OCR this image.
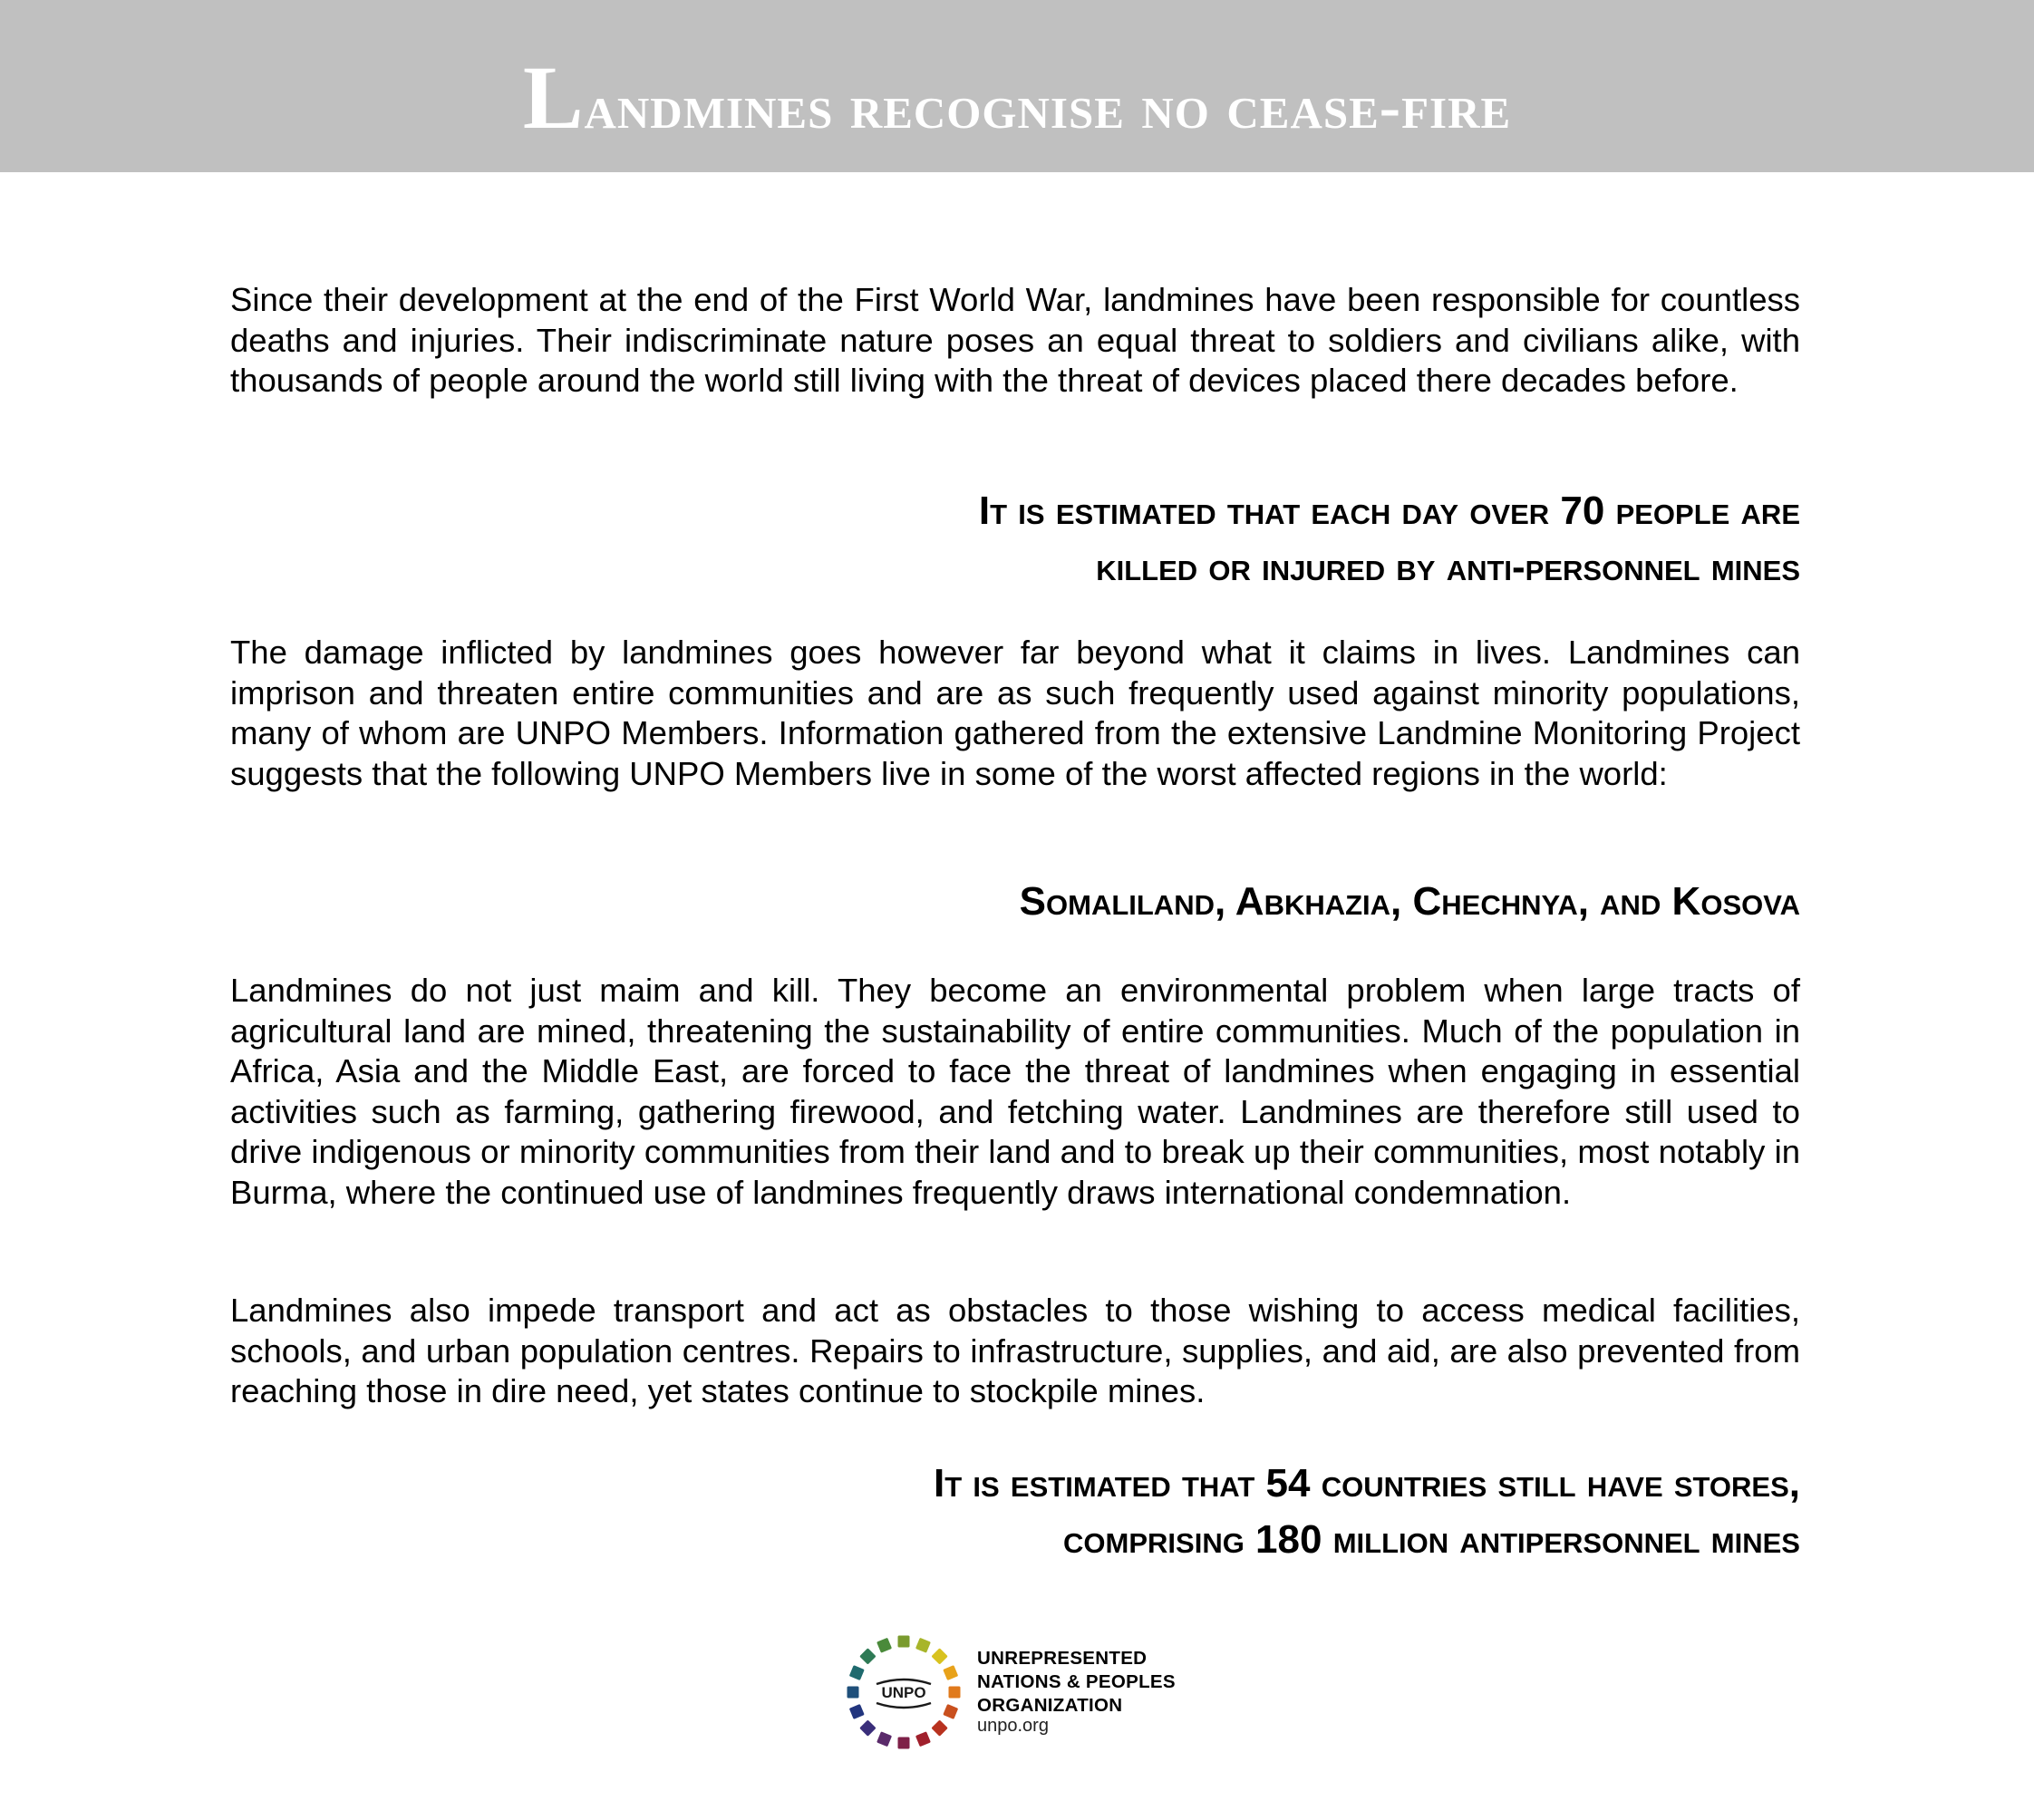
Landmines recognise no cease-fire

Since their development at the end of the First World War, landmines have been responsible for countless deaths and injuries. Their indiscriminate nature poses an equal threat to soldiers and civilians alike, with thousands of people around the world still living with the threat of devices placed there decades before.

It is estimated that each day over 70 people are
killed or injured by anti-personnel mines

The damage inflicted by landmines goes however far beyond what it claims in lives. Landmines can imprison and threaten entire communities and are as such frequently used against minority populations, many of whom are UNPO Members. Information gathered from the extensive Landmine Monitoring Project suggests that the following UNPO Members live in some of the worst affected regions in the world:

Somaliland, Abkhazia, Chechnya, and Kosova

Landmines do not just maim and kill. They become an environmental problem when large tracts of agricultural land are mined, threatening the sustainability of entire communities. Much of the population in Africa, Asia and the Middle East, are forced to face the threat of landmines when engaging in essential activities such as farming, gathering firewood, and fetching water. Landmines are therefore still used to drive indigenous or minority communities from their land and to break up their communities, most notably in Burma, where the continued use of landmines frequently draws international condemnation.

Landmines also impede transport and act as obstacles to those wishing to access medical facilities, schools, and urban population centres. Repairs to infrastructure, supplies, and aid, are also prevented from reaching those in dire need, yet states continue to stockpile mines.

It is estimated that 54 countries still have stores,
comprising 180 million antipersonnel mines
UNPO
UNREPRESENTED
NATIONS & PEOPLES
ORGANIZATION
unpo.org
